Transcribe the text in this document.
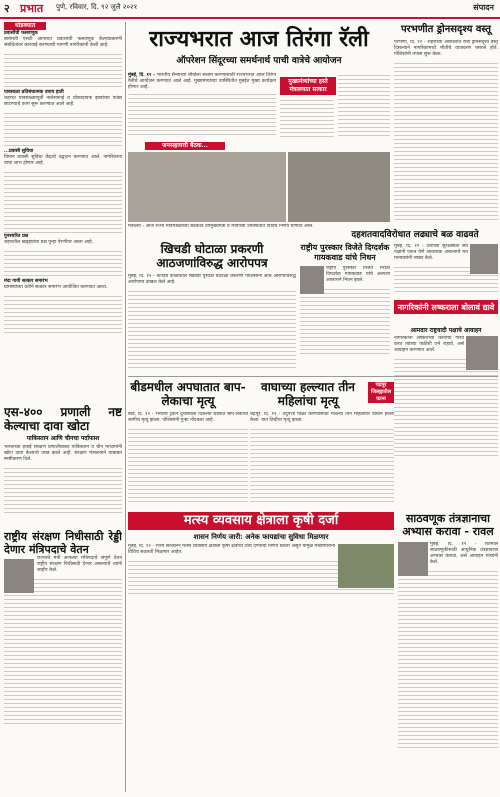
२ प्रभात पुणे, रविवार, दि. ९२ जुलै २०२१	संपादन
थोडक्यात

प्रवासींची फसवणूक
बारामती एसटी आगारात प्रवाशांची फसवणूक केल्याप्रकरणी संबंधितांवर कारवाई करण्याची मागणी नागरिकांनी केली आहे.

पावसाळा प्रतिबंधात्मक उपाय हाती
शहरात पावसाळ्यापूर्वी नालेसफाई व धोकादायक झाडांच्या फांद्या छाटण्याचे काम सुरू करण्यात आले आहे.

...प्रवासी सुविधा
विमान प्रवासी सुविधा केंद्राचे उद्घाटन करण्यात आले. नागरिकांना याचा लाभ होणार आहे.

पुनश्चरित प्रश्न
शहरातील खड्ड्यांचा प्रश्न पुन्हा ऐरणीवर आला आहे.

मंदा गायी सत्कार समारंभ
ग्रामस्थांच्या वतीने सत्कार समारंभ आयोजित करण्यात आला.

एस-४०० प्रणाली नष्ट केल्याचा दावा खोटा
पाकिस्तान आणि चीनचा पर्दाफाश

भारताच्या हवाई संरक्षण प्रणालीबाबत पाकिस्तान व चीन माध्यमांनी खोटा दावा केल्याचे उघड झाले आहे. संरक्षण मंत्रालयाने याबाबत स्पष्टीकरण दिले.

राष्ट्रीय संरक्षण निधीसाठी रेड्डी देणार मंत्रिपदाचे वेतन

राज्याचे मंत्री आपल्या मंत्रिपदाचे संपूर्ण वेतन राष्ट्रीय संरक्षण निधीसाठी देणार असल्याचे त्यांनी जाहीर केले.

राज्यभरात आज तिरंगा रॅली
ऑपरेशन सिंदूरच्या समर्थनार्थ पाची वात्रेचे आयोजन
मुंबई, दि. १२ - भारतीय सैन्याच्या शौर्याला सलाम करण्यासाठी राज्यभरात आज तिरंगा रॅलीचे आयोजन करण्यात आले आहे. मुख्यमंत्र्यांच्या उपस्थितीत मुंबईत मुख्य कार्यक्रम होणार आहे.
मुख्यमंत्र्यांच्या हस्ते मंत्रालयात सत्कार
जनसहायत्ती बैठक...
मंत्रालय : आज राज्य मंत्रिमंडळाच्या बैठकीत उपमुख्यमंत्री व मंत्र्यांच्या उपस्थितीत विविध निर्णय घेण्यात आले.
खिचडी घोटाळा प्रकरणी आठजणांविरुद्ध आरोपपत्र

मुंबई, दि. १२ - कोविड काळातील खिचडी पुरवठा घोटाळा प्रकरणी पोलिसांनी आठ आरोपींविरुद्ध आरोपपत्र दाखल केले आहे.

राष्ट्रीय पुरस्कार विजेते दिग्दर्शक गायकवाड यांचे निधन

राष्ट्रीय पुरस्कार विजेते मराठी दिग्दर्शक गायकवाड यांचे अल्पशा आजाराने निधन झाले.

परभणीत ड्रोनसदृश्य वस्तू

परभणी, दि. १२ - शहराच्या आकाशात रात्री ड्रोनसदृश्य वस्तू दिसल्याने नागरिकांमध्ये भीतीचे वातावरण पसरले होते. पोलिसांनी तपास सुरू केला.

दहशतवादविरोधात लढ्याचे बळ वाढवते

मुंबई, दि. १२ - देशाच्या सुरक्षेसाठी सर्व पक्षांनी एकत्र येणे आवश्यक असल्याचे मत मान्यवरांनी व्यक्त केले.

नागरिकांनी लष्कराला बोलावं द्यावे
आमदार राष्ट्रवादी पक्षाचे आवाहन

नागरिकांनी लष्कराच्या कार्याचा गौरव करत त्यांच्या पाठीशी उभे राहावे, असे आवाहन करण्यात आले.

बीडमधील अपघातात बाप-लेकाचा मृत्यू

बीड, दि. १२ - भरधाव ट्रकने दुचाकीला दिलेल्या धडकेत बाप-लेकाचा जागीच मृत्यू झाला. पोलिसांनी गुन्हा नोंदवला आहे.

वाघाच्या हल्ल्यात तीन महिलांचा मृत्यू
चंद्रपूर जिल्ह्यातील घटना

चंद्रपूर, दि. १२ - तेंदूपत्ता गोळा करण्यासाठी गेलेल्या तीन महिलांवर वाघाने हल्ला केला. यात तिघींचा मृत्यू झाला.

मत्स्य व्यवसाय क्षेत्राला कृषी दर्जा
शासन निर्णय जारी: अनेक फायद्यांचा सुविधा मिळणार

मुंबई, दि. १२ - राज्य सरकारने मत्स्य व्यवसाय क्षेत्राला कृषी क्षेत्राचा दर्जा देण्याचा निर्णय घेतला असून यामुळे मच्छीमारांना विविध सवलती मिळणार आहेत.

साठवणूक तंत्रज्ञानाचा अभ्यास करावा - रावल

मुंबई, दि. १२ - शेतमाल साठवणुकीसाठी आधुनिक तंत्रज्ञानाचा अभ्यास करावा, असे आवाहन मंत्र्यांनी केले.
